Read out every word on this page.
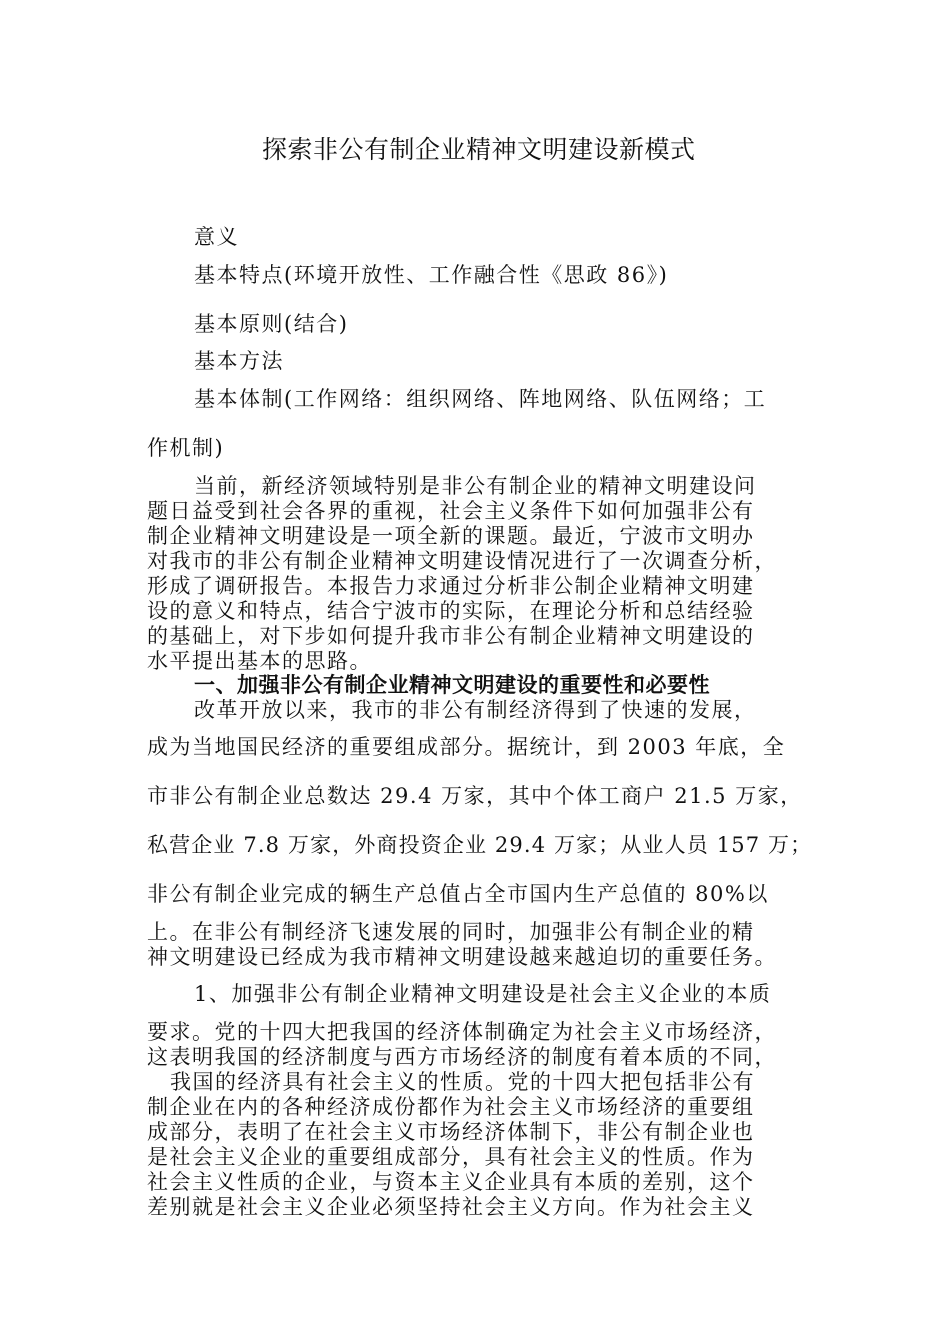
探索非公有制企业精神文明建设新模式
意义
基本特点(环境开放性、工作融合性《思政 86》)
基本原则(结合)
基本方法
基本体制(工作网络：组织网络、阵地网络、队伍网络；工
作机制)
当前，新经济领域特别是非公有制企业的精神文明建设问
题日益受到社会各界的重视，社会主义条件下如何加强非公有
制企业精神文明建设是一项全新的课题。最近，宁波市文明办
对我市的非公有制企业精神文明建设情况进行了一次调查分析，
形成了调研报告。本报告力求通过分析非公制企业精神文明建
设的意义和特点，结合宁波市的实际，在理论分析和总结经验
的基础上，对下步如何提升我市非公有制企业精神文明建设的
水平提出基本的思路。
一、加强非公有制企业精神文明建设的重要性和必要性
改革开放以来，我市的非公有制经济得到了快速的发展，
成为当地国民经济的重要组成部分。据统计，到 2003 年底，全
市非公有制企业总数达 29.4 万家，其中个体工商户 21.5 万家，
私营企业 7.8 万家，外商投资企业 29.4 万家；从业人员 157 万；
非公有制企业完成的辆生产总值占全市国内生产总值的 80%以
上。在非公有制经济飞速发展的同时，加强非公有制企业的精
神文明建设已经成为我市精神文明建设越来越迫切的重要任务。
1、加强非公有制企业精神文明建设是社会主义企业的本质
要求。党的十四大把我国的经济体制确定为社会主义市场经济，
这表明我国的经济制度与西方市场经济的制度有着本质的不同，
我国的经济具有社会主义的性质。党的十四大把包括非公有
制企业在内的各种经济成份都作为社会主义市场经济的重要组
成部分，表明了在社会主义市场经济体制下，非公有制企业也
是社会主义企业的重要组成部分，具有社会主义的性质。作为
社会主义性质的企业，与资本主义企业具有本质的差别，这个
差别就是社会主义企业必须坚持社会主义方向。作为社会主义
